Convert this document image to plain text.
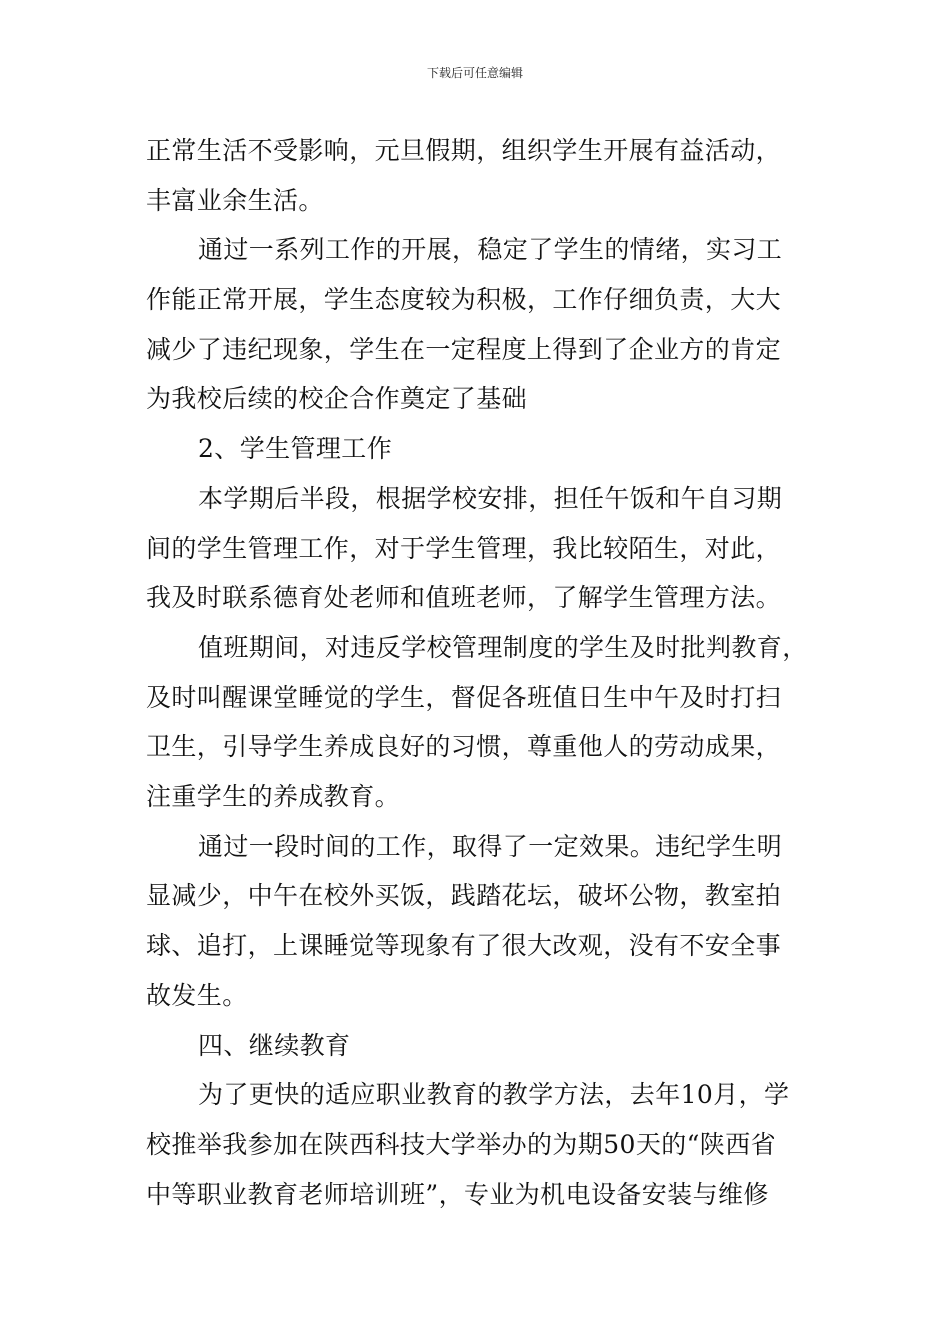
下载后可任意编辑
正常生活不受影响，元旦假期，组织学生开展有益活动，
丰富业余生活。
通过一系列工作的开展，稳定了学生的情绪，实习工
作能正常开展，学生态度较为积极，工作仔细负责，大大
减少了违纪现象，学生在一定程度上得到了企业方的肯定
为我校后续的校企合作奠定了基础
2、学生管理工作
本学期后半段，根据学校安排，担任午饭和午自习期
间的学生管理工作，对于学生管理，我比较陌生，对此，
我及时联系德育处老师和值班老师，了解学生管理方法。
值班期间，对违反学校管理制度的学生及时批判教育，
及时叫醒课堂睡觉的学生，督促各班值日生中午及时打扫
卫生，引导学生养成良好的习惯，尊重他人的劳动成果，
注重学生的养成教育。
通过一段时间的工作，取得了一定效果。违纪学生明
显减少，中午在校外买饭，践踏花坛，破坏公物，教室拍
球、追打，上课睡觉等现象有了很大改观，没有不安全事
故发生。
四、继续教育
为了更快的适应职业教育的教学方法，去年10月，学
校推举我参加在陕西科技大学举办的为期50天的“陕西省
中等职业教育老师培训班”，专业为机电设备安装与维修
